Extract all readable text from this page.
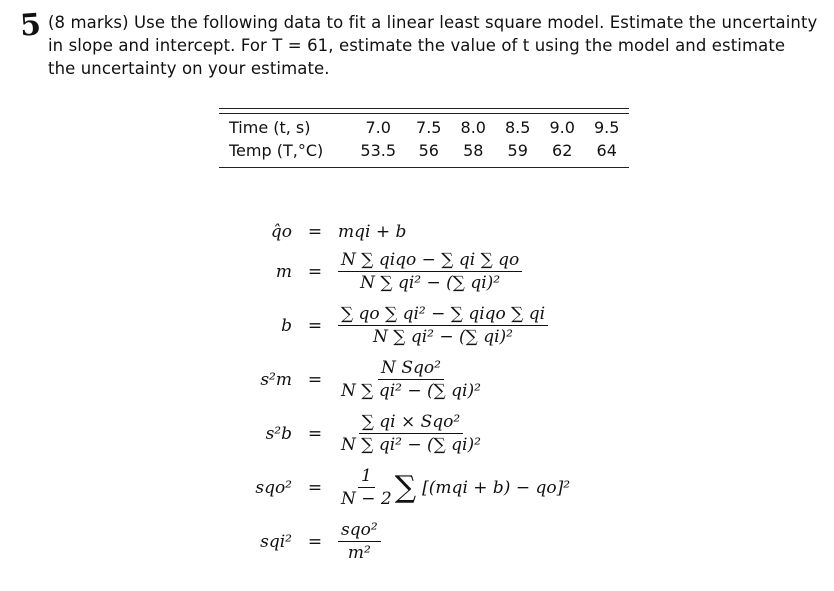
5 (8 marks) Use the following data to fit a linear least square model. Estimate the uncertainty
in slope and intercept. For T = 61, estimate the value of t using the model and estimate
the uncertainty on your estimate.
Time (t, s)	7.0	7.5	8.0	8.5	9.0	9.5
Temp (T,°C)	53.5	56	58	59	62	64
q̂o = mqi + b
$m = \frac{\text{N ∑ qiqo − ∑ qi ∑ qo}}{\text{N ∑ qi² − (∑ qi)²}}$
$b = \frac{\text{∑ qo ∑ qi² − ∑ qiqo ∑ qi}}{\text{N ∑ qi² − (∑ qi)²}}$
$s^2m = \frac{\text{N Sqo²}}{\text{N ∑ qi² − (∑ qi)²}}$
$s^2b = \frac{\text{∑ qi × Sqo²}}{\text{N ∑ qi² − (∑ qi)²}}$
$sqo^2 = \frac{1}{N - 2}$ ∑ [(mqi + b) − qo]²
$sqi^2 = \frac{\text{sqo²}}{\text{m²}}$
